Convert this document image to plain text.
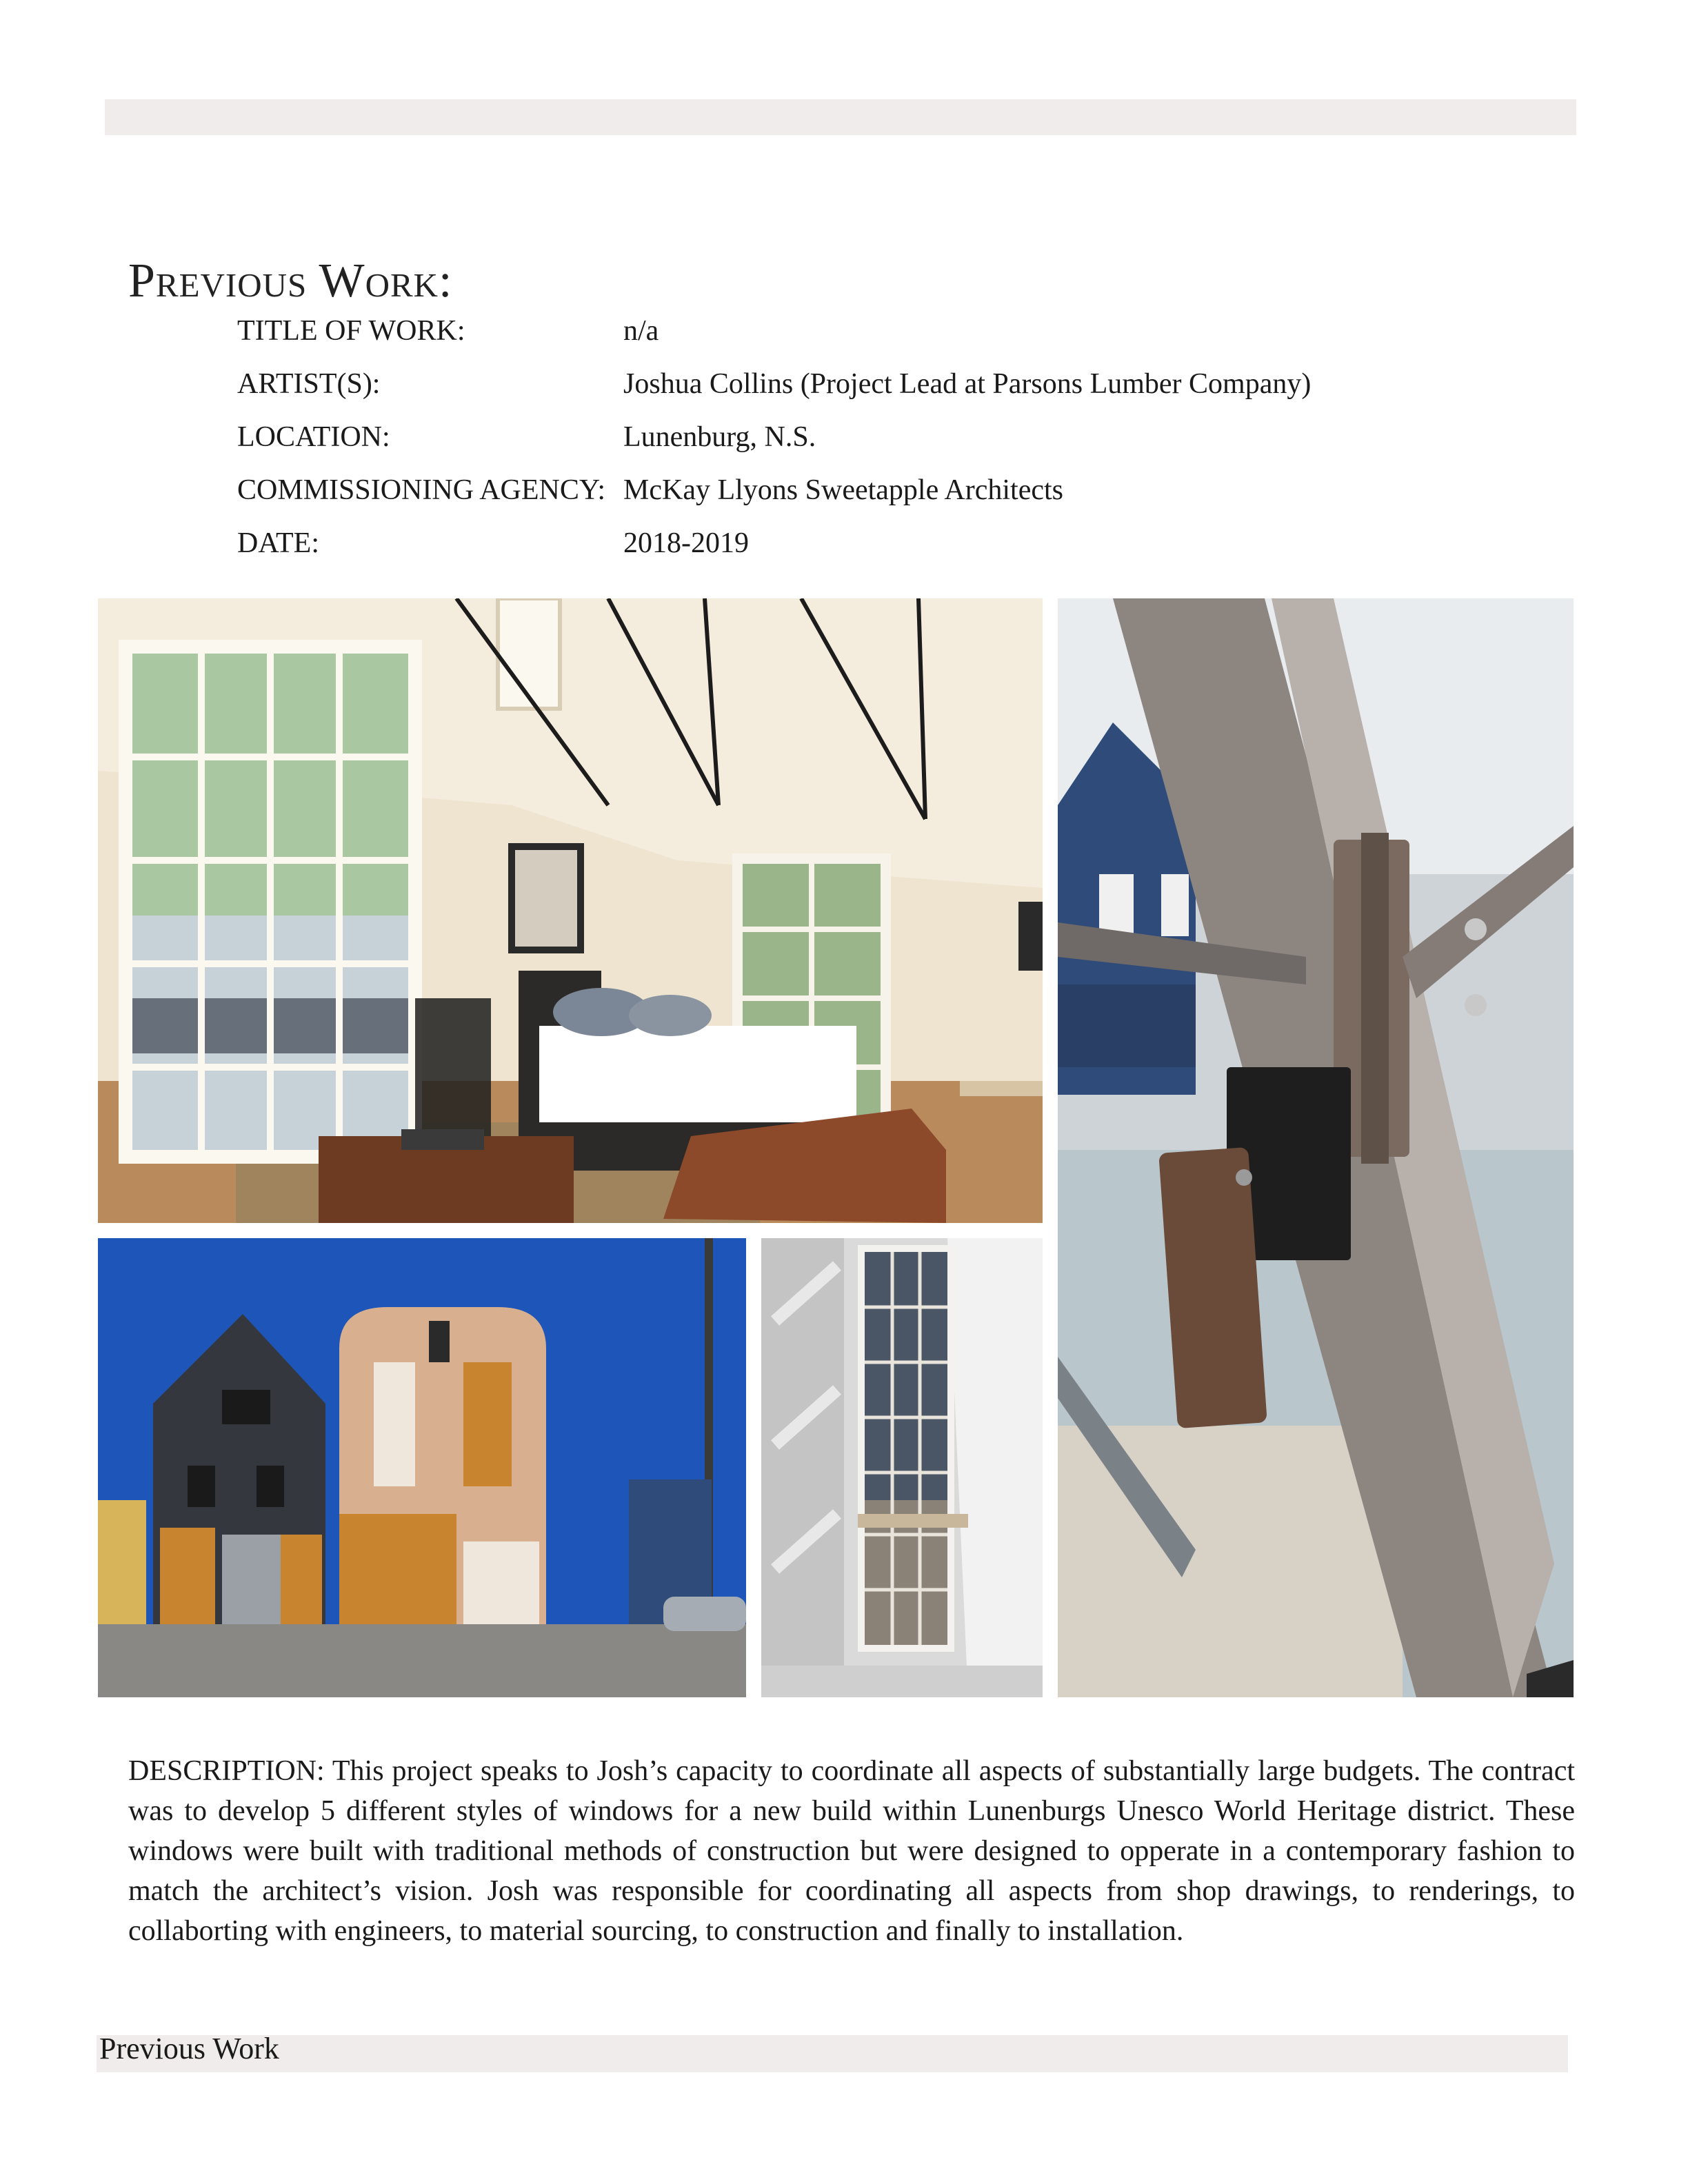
Previous Work:
TITLE OF WORK:	n/a
ARTIST(S):	Joshua Collins (Project Lead at Parsons Lumber Company)
LOCATION:	Lunenburg, N.S.
COMMISSIONING AGENCY: McKay Llyons Sweetapple Architects
DATE:	2018-2019
DESCRIPTION: This project speaks to Josh’s capacity to coordinate all aspects of substantially large budgets. The contract was to develop 5 different styles of windows for a new build within Lunenburgs Unesco World Heritage district. These windows were built with traditional methods of construction but were designed to opperate in a contemporary fashion to match the architect’s vision. Josh was responsible for coordinating all aspects from shop drawings, to renderings, to collaborting with engineers, to material sourcing, to construction and finally to installation.
Previous Work
